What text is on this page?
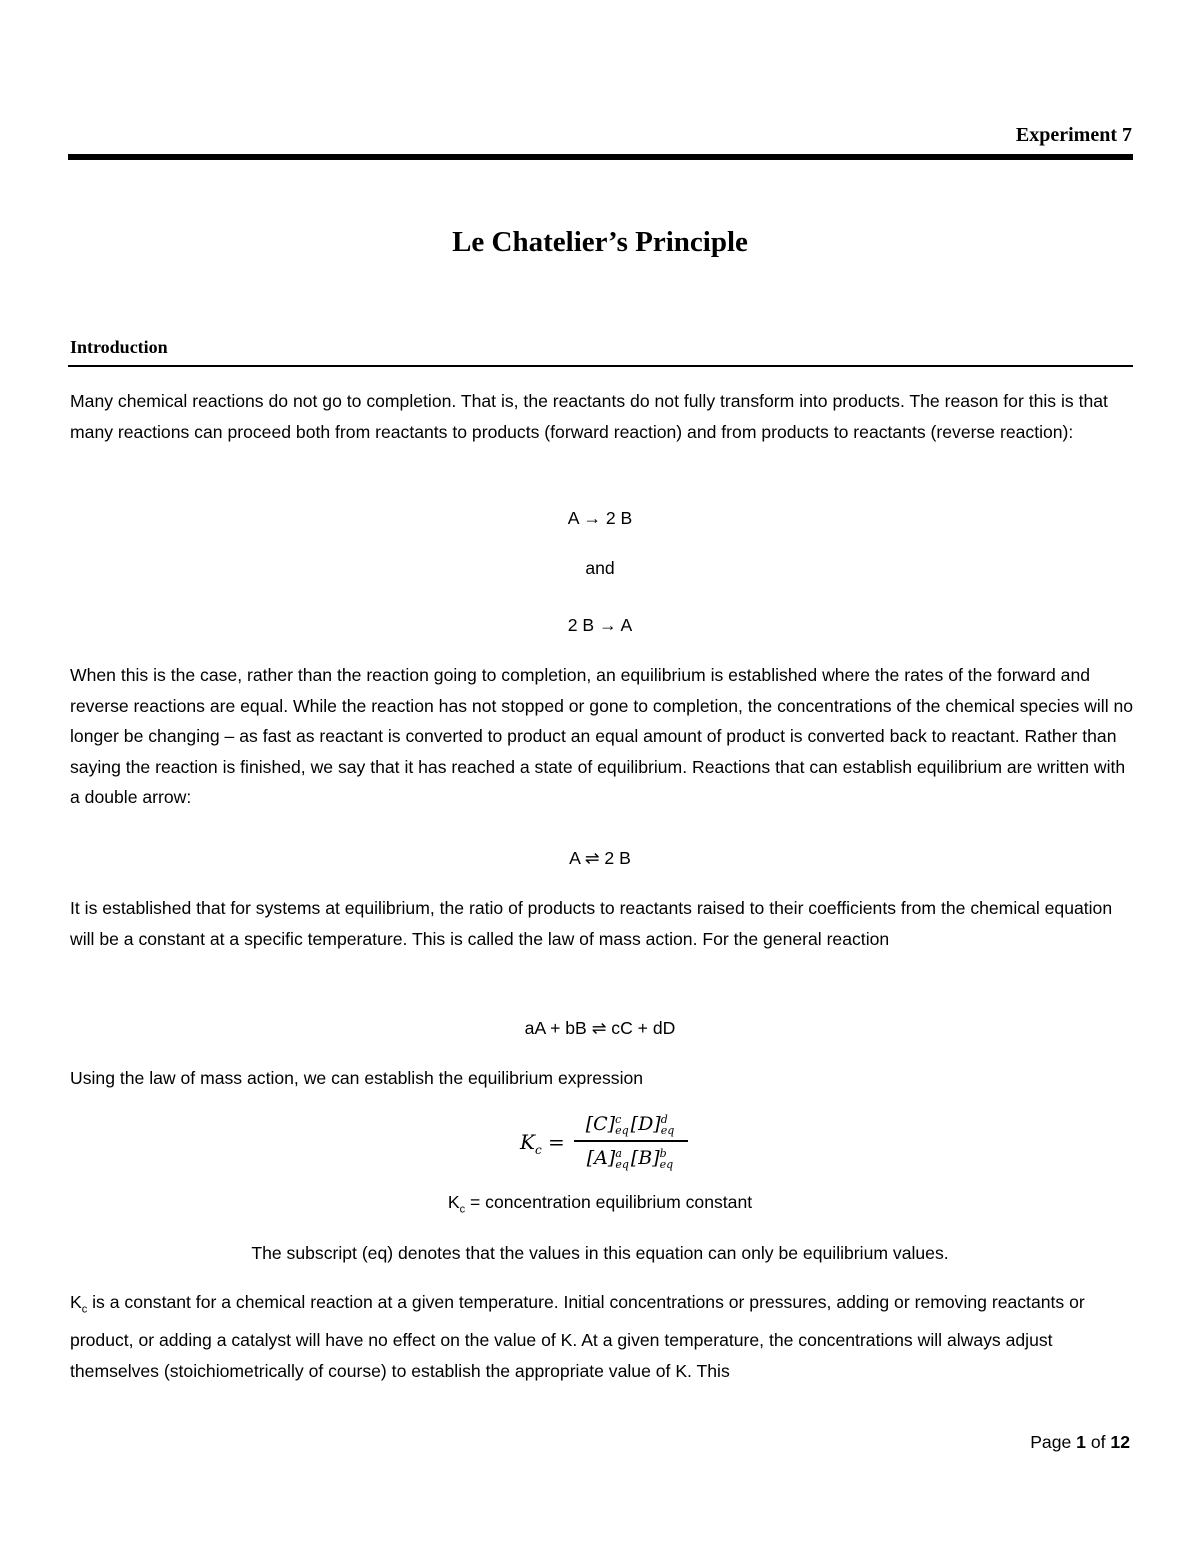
Experiment 7
Le Chatelier’s Principle
Introduction

Many chemical reactions do not go to completion. That is, the reactants do not fully transform into products. The reason for this is that many reactions can proceed both from reactants to products (forward reaction) and from products to reactants (reverse reaction):

A → 2 B

and

2 B → A

When this is the case, rather than the reaction going to completion, an equilibrium is established where the rates of the forward and reverse reactions are equal. While the reaction has not stopped or gone to completion, the concentrations of the chemical species will no longer be changing – as fast as reactant is converted to product an equal amount of product is converted back to reactant. Rather than saying the reaction is finished, we say that it has reached a state of equilibrium. Reactions that can establish equilibrium are written with a double arrow:

A ⇌ 2 B

It is established that for systems at equilibrium, the ratio of products to reactants raised to their coefficients from the chemical equation will be a constant at a specific temperature. This is called the law of mass action. For the general reaction

aA + bB ⇌ cC + dD

Using the law of mass action, we can establish the equilibrium expression

$K_c$ =
[C] c
eq [D] d
eq
[A] a
eq [B] b
eq

$K_c$ = concentration equilibrium constant

The subscript (eq) denotes that the values in this equation can only be equilibrium values.

$K_c$ is a constant for a chemical reaction at a given temperature. Initial concentrations or pressures, adding or removing reactants or product, or adding a catalyst will have no effect on the value of K. At a given temperature, the concentrations will always adjust themselves (stoichiometrically of course) to establish the appropriate value of K. This

Page 1 of 12
